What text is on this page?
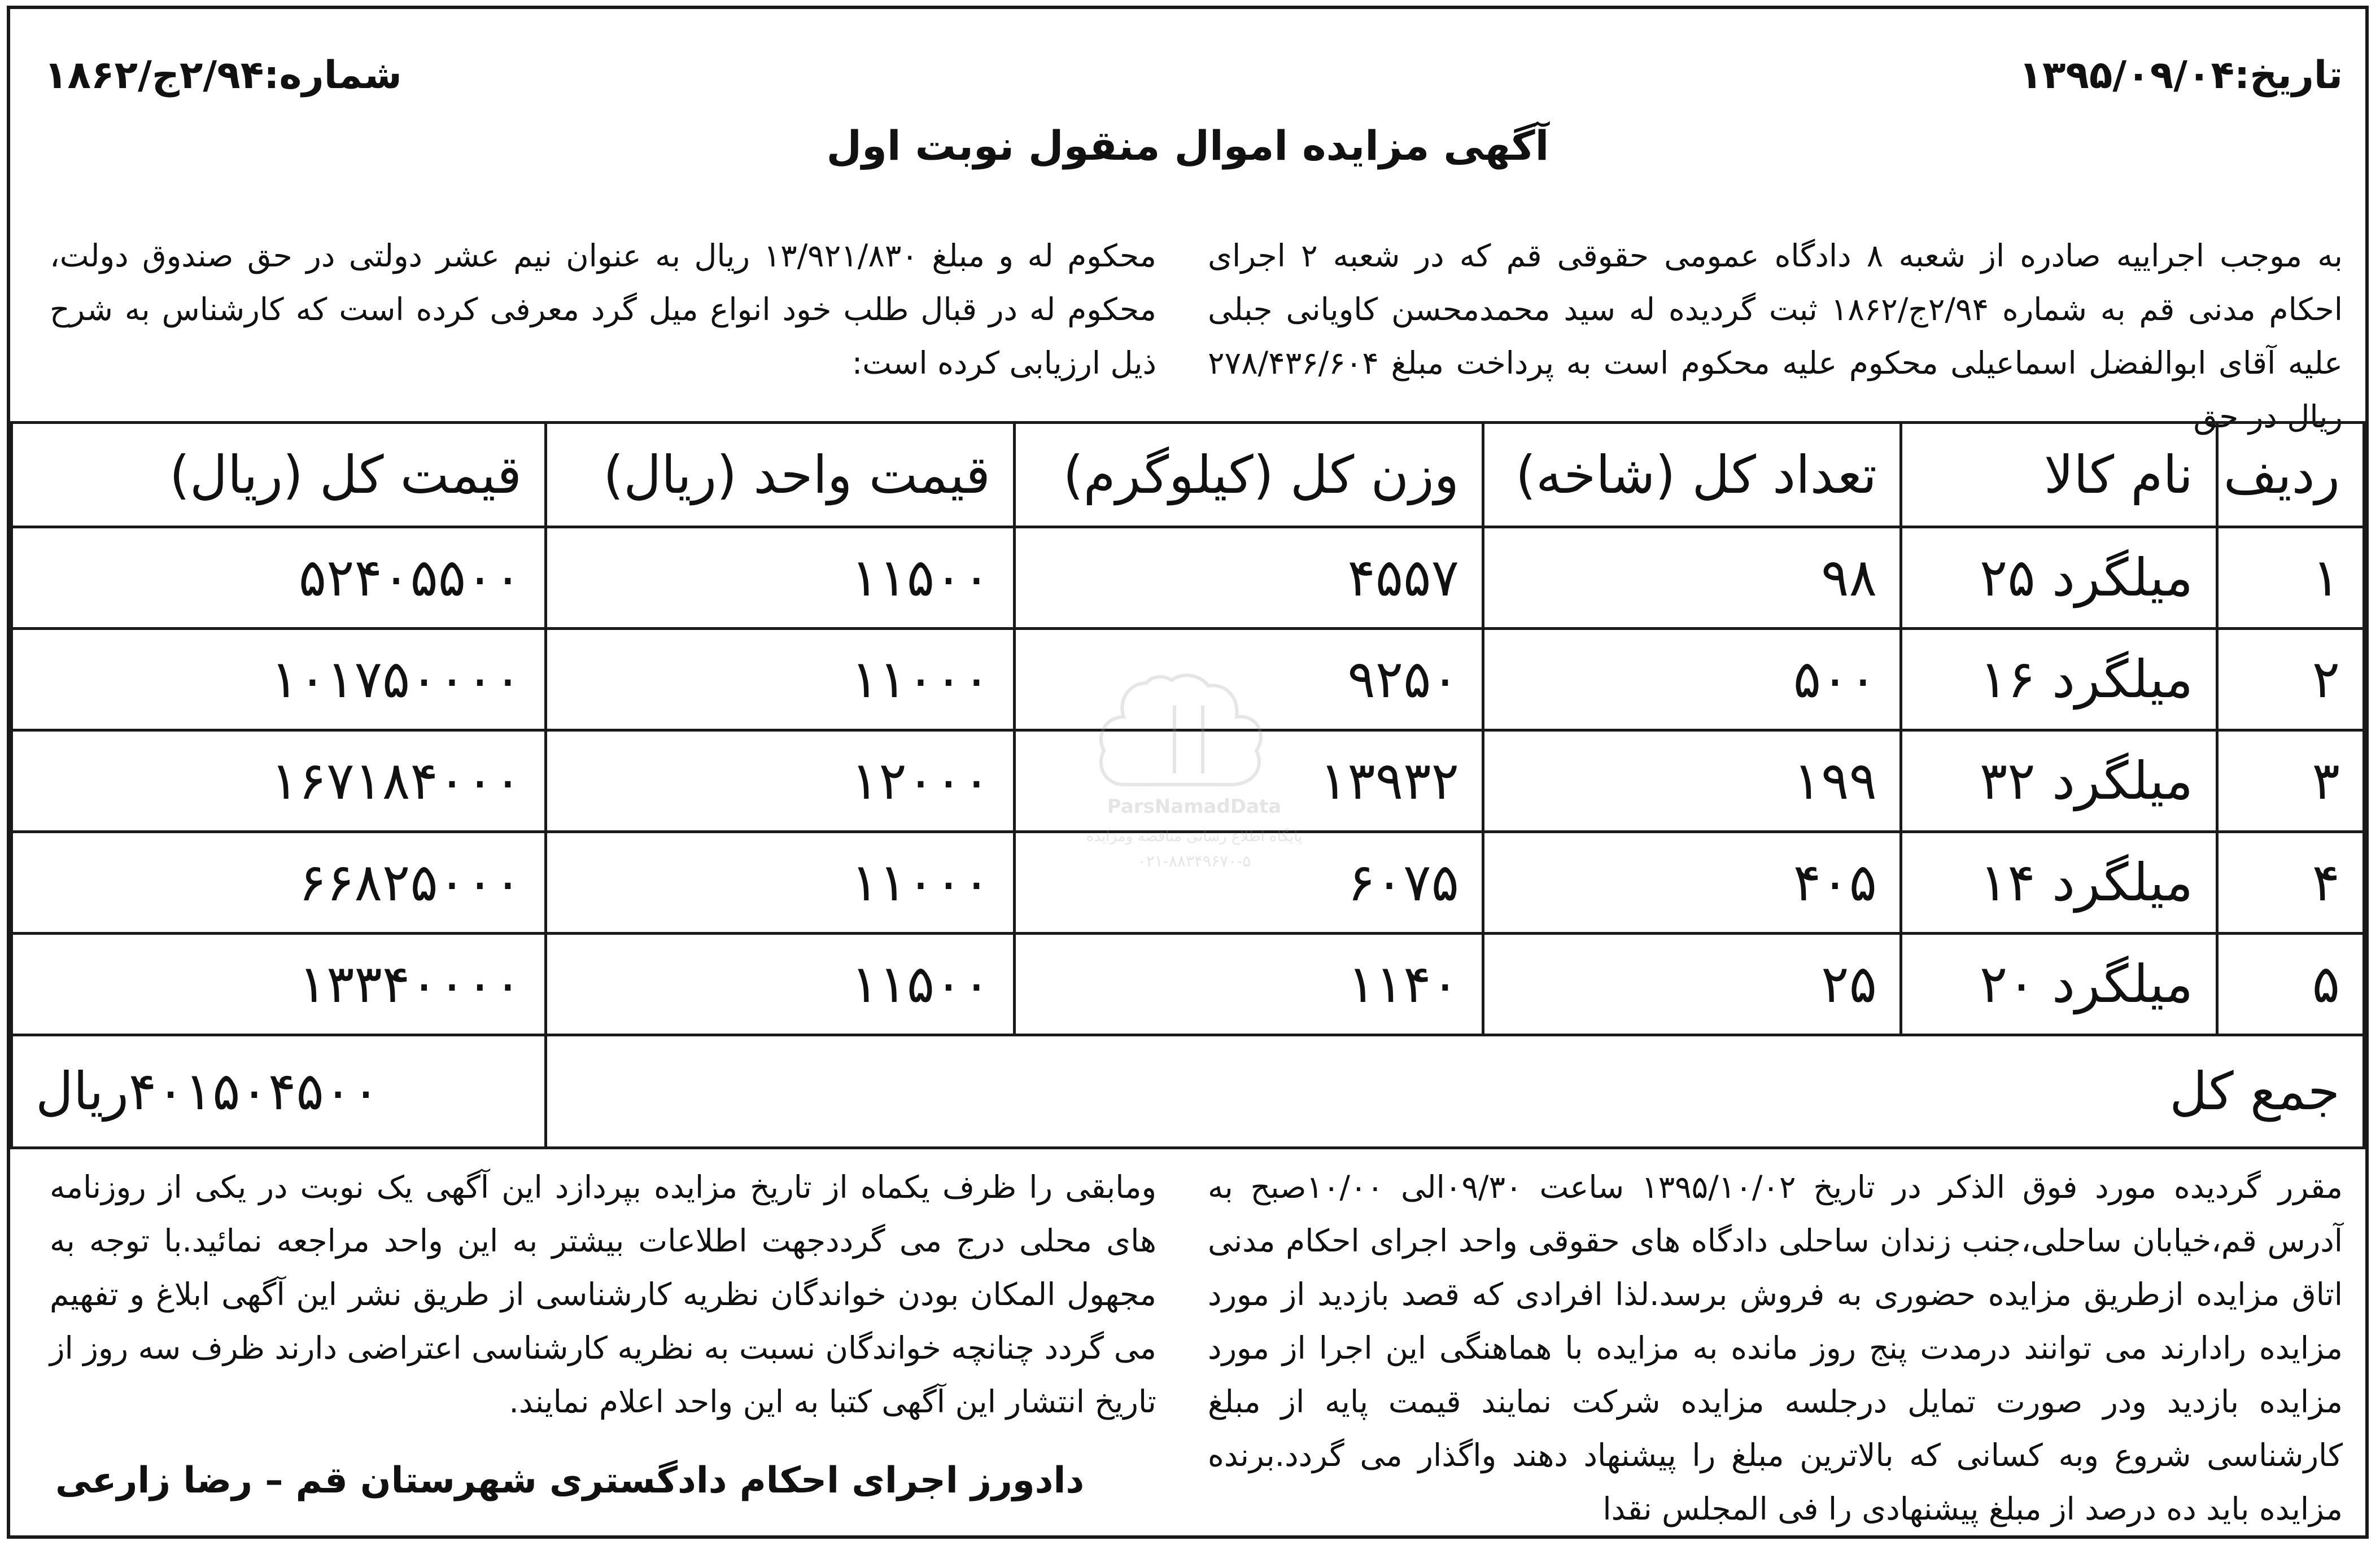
تاریخ:۱۳۹۵/۰۹/۰۴
شماره:۲/۹۴ج/۱۸۶۲
آگهی مزایده اموال منقول نوبت اول
به موجب اجراییه صادره از شعبه ۸ دادگاه عمومی حقوقی قم که در شعبه ۲ اجرای احکام مدنی قم به شماره ۲/۹۴ج/۱۸۶۲ ثبت گردیده له سید محمدمحسن کاویانی جبلی علیه آقای ابوالفضل اسماعیلی محکوم علیه محکوم است به پرداخت مبلغ ۲۷۸/۴۳۶/۶۰۴ ریال در حق
محکوم له و مبلغ ۱۳/۹۲۱/۸۳۰ ریال به عنوان نیم عشر دولتی در حق صندوق دولت، محکوم له در قبال طلب خود انواع میل گرد معرفی کرده است که کارشناس به شرح ذیل ارزیابی کرده است:
ردیف	نام کالا	تعداد کل (شاخه)	وزن کل (کیلوگرم)	قیمت واحد (ریال)	قیمت کل (ریال)
۱	میلگرد ۲۵	۹۸	۴۵۵۷	۱۱۵۰۰	۵۲۴۰۵۵۰۰
۲	میلگرد ۱۶	۵۰۰	۹۲۵۰	۱۱۰۰۰	۱۰۱۷۵۰۰۰۰
۳	میلگرد ۳۲	۱۹۹	۱۳۹۳۲	۱۲۰۰۰	۱۶۷۱۸۴۰۰۰
۴	میلگرد ۱۴	۴۰۵	۶۰۷۵	۱۱۰۰۰	۶۶۸۲۵۰۰۰
۵	میلگرد ۲۰	۲۵	۱۱۴۰	۱۱۵۰۰	۱۳۳۴۰۰۰۰
جمع کل					۴۰۱۵۰۴۵۰۰ریال
مقرر گردیده مورد فوق الذکر در تاریخ ۱۳۹۵/۱۰/۰۲ ساعت ۰۹/۳۰الی ۱۰/۰۰صبح به آدرس قم،خیابان ساحلی،جنب زندان ساحلی دادگاه های حقوقی واحد اجرای احکام مدنی اتاق مزایده ازطریق مزایده حضوری به فروش برسد.لذا افرادی که قصد بازدید از مورد مزایده رادارند می توانند درمدت پنج روز مانده به مزایده با هماهنگی این اجرا از مورد مزایده بازدید ودر صورت تمایل درجلسه مزایده شرکت نمایند قیمت پایه از مبلغ کارشناسی شروع وبه کسانی که بالاترین مبلغ را پیشنهاد دهند واگذار می گردد.برنده مزایده باید ده درصد از مبلغ پیشنهادی را فی المجلس نقدا
ومابقی را ظرف یکماه از تاریخ مزایده بپردازد این آگهی یک نوبت در یکی از روزنامه های محلی درج می گرددجهت اطلاعات بیشتر به این واحد مراجعه نمائید.با توجه به مجهول المکان بودن خواندگان نظریه کارشناسی از طریق نشر این آگهی ابلاغ و تفهیم می گردد چنانچه خواندگان نسبت به نظریه کارشناسی اعتراضی دارند ظرف سه روز از تاریخ انتشار این آگهی کتبا به این واحد اعلام نمایند.
دادورز اجرای احکام دادگستری شهرستان قم – رضا زارعی
ParsNamadData
پایگاه اطلاع رسانی مناقصه ومزایده
۰۲۱-۸۸۳۴۹۶۷۰-۵
